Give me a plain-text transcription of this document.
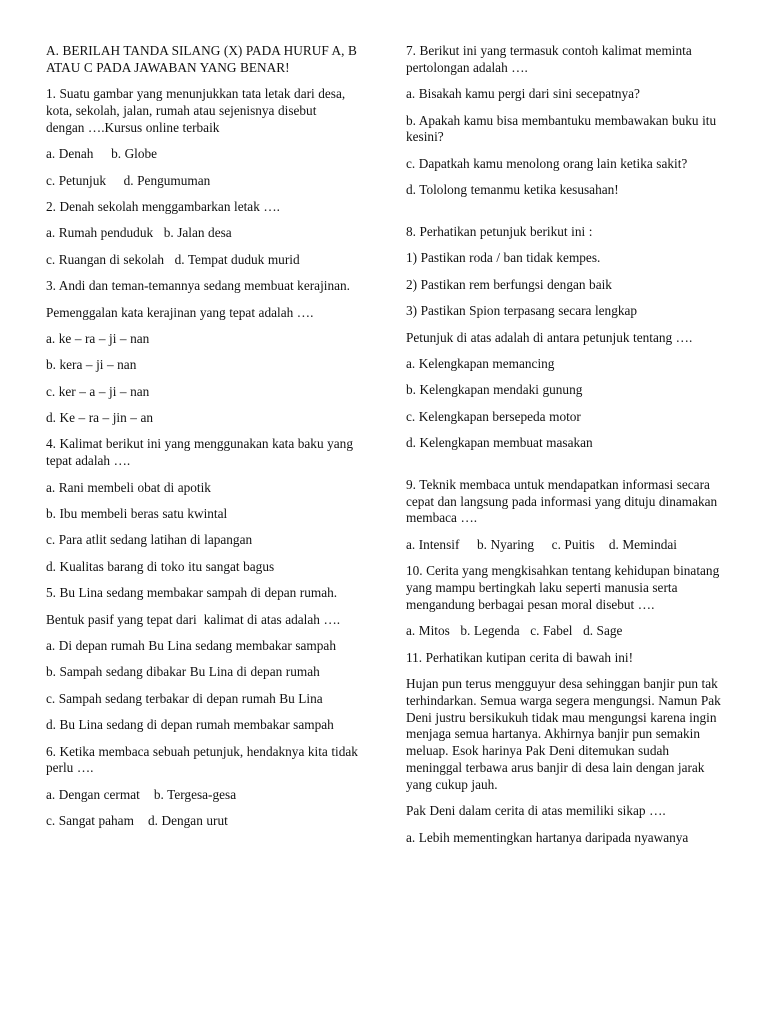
A. BERILAH TANDA SILANG (X) PADA HURUF A, B ATAU C PADA JAWABAN YANG BENAR!

1. Suatu gambar yang menunjukkan tata letak dari desa, kota, sekolah, jalan, rumah atau sejenisnya disebut dengan ….Kursus online terbaik

a. Denah     b. Globe

c. Petunjuk     d. Pengumuman

2. Denah sekolah menggambarkan letak ….

a. Rumah penduduk   b. Jalan desa

c. Ruangan di sekolah   d. Tempat duduk murid

3. Andi dan teman-temannya sedang membuat kerajinan.

Pemenggalan kata kerajinan yang tepat adalah ….

a. ke – ra – ji – nan

b. kera – ji – nan

c. ker – a – ji – nan

d. Ke – ra – jin – an

4. Kalimat berikut ini yang menggunakan kata baku yang tepat adalah ….

a. Rani membeli obat di apotik

b. Ibu membeli beras satu kwintal

c. Para atlit sedang latihan di lapangan

d. Kualitas barang di toko itu sangat bagus

5. Bu Lina sedang membakar sampah di depan rumah.

Bentuk pasif yang tepat dari  kalimat di atas adalah ….

a. Di depan rumah Bu Lina sedang membakar sampah

b. Sampah sedang dibakar Bu Lina di depan rumah

c. Sampah sedang terbakar di depan rumah Bu Lina

d. Bu Lina sedang di depan rumah membakar sampah

6. Ketika membaca sebuah petunjuk, hendaknya kita tidak perlu ….

a. Dengan cermat    b. Tergesa-gesa

c. Sangat paham    d. Dengan urut

7. Berikut ini yang termasuk contoh kalimat meminta pertolongan adalah ….

a. Bisakah kamu pergi dari sini secepatnya?

b. Apakah kamu bisa membantuku membawakan buku itu kesini?

c. Dapatkah kamu menolong orang lain ketika sakit?

d. Tololong temanmu ketika kesusahan!

8. Perhatikan petunjuk berikut ini :

1) Pastikan roda / ban tidak kempes.

2) Pastikan rem berfungsi dengan baik

3) Pastikan Spion terpasang secara lengkap

Petunjuk di atas adalah di antara petunjuk tentang ….

a. Kelengkapan memancing

b. Kelengkapan mendaki gunung

c. Kelengkapan bersepeda motor

d. Kelengkapan membuat masakan

9. Teknik membaca untuk mendapatkan informasi secara cepat dan langsung pada informasi yang dituju dinamakan membaca ….

a. Intensif     b. Nyaring     c. Puitis    d. Memindai

10. Cerita yang mengkisahkan tentang kehidupan binatang yang mampu bertingkah laku seperti manusia serta mengandung berbagai pesan moral disebut ….

a. Mitos   b. Legenda   c. Fabel   d. Sage

11. Perhatikan kutipan cerita di bawah ini!

Hujan pun terus mengguyur desa sehinggan banjir pun tak terhindarkan. Semua warga segera mengungsi. Namun Pak Deni justru bersikukuh tidak mau mengungsi karena ingin menjaga semua hartanya. Akhirnya banjir pun semakin meluap. Esok harinya Pak Deni ditemukan sudah meninggal terbawa arus banjir di desa lain dengan jarak yang cukup jauh.

Pak Deni dalam cerita di atas memiliki sikap ….

a. Lebih mementingkan hartanya daripada nyawanya
